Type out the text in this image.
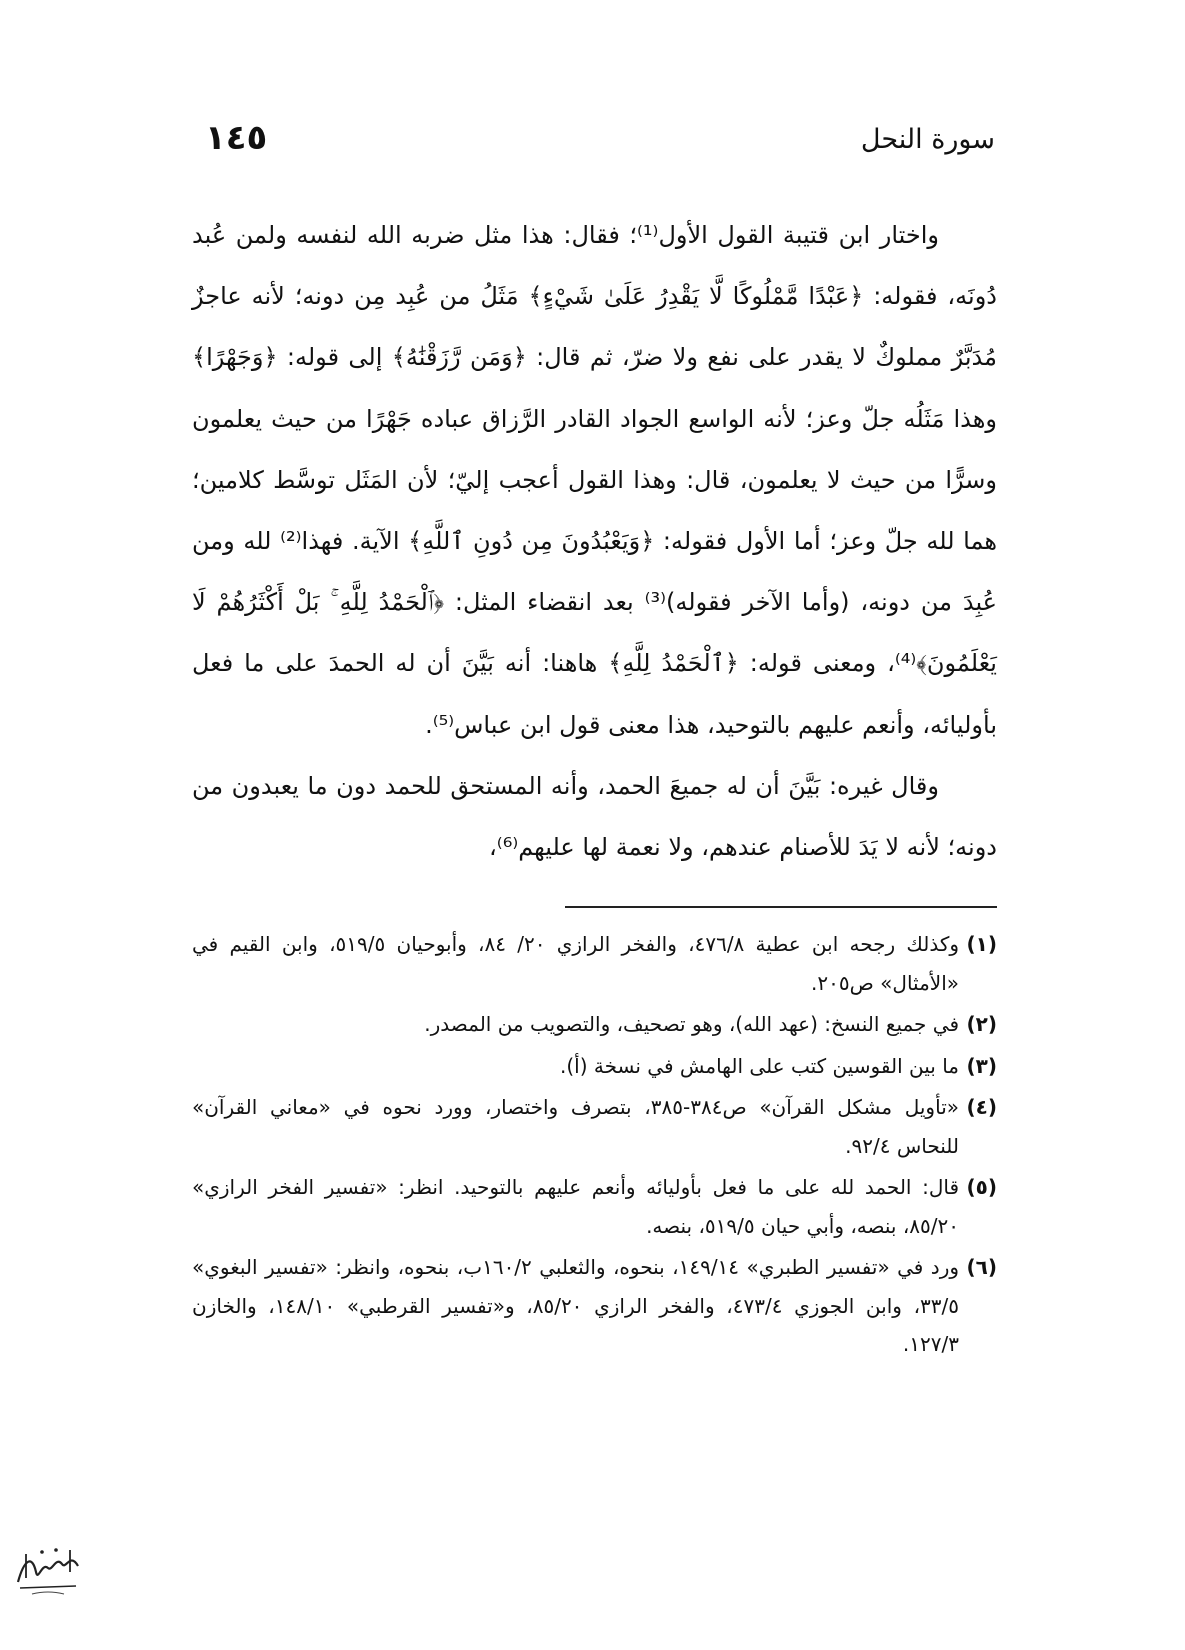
سورة النحل
١٤٥

واختار ابن قتيبة القول الأول⁽¹⁾؛ فقال: هذا مثل ضربه الله لنفسه ولمن عُبد دُونَه، فقوله: ﴿عَبْدًا مَّمْلُوكًا لَّا يَقْدِرُ عَلَىٰ شَيْءٍ﴾ مَثَلُ من عُبِد مِن دونه؛ لأنه عاجزٌ مُدَبَّرٌ مملوكٌ لا يقدر على نفع ولا ضرّ، ثم قال: ﴿وَمَن رَّزَقْنَٰهُ﴾ إلى قوله: ﴿وَجَهْرًا﴾ وهذا مَثَلُه جلّ وعز؛ لأنه الواسع الجواد القادر الرَّزاق عباده جَهْرًا من حيث يعلمون وسرًّا من حيث لا يعلمون، قال: وهذا القول أعجب إليّ؛ لأن المَثَل توسَّط كلامين؛ هما لله جلّ وعز؛ أما الأول فقوله: ﴿وَيَعْبُدُونَ مِن دُونِ ٱللَّهِ﴾ الآية. فهذا⁽²⁾ لله ومن عُبِدَ من دونه، (وأما الآخر فقوله)⁽³⁾ بعد انقضاء المثل: ﴿ٱلْحَمْدُ لِلَّهِ ۚ بَلْ أَكْثَرُهُمْ لَا يَعْلَمُونَ﴾⁽⁴⁾، ومعنى قوله: ﴿ٱلْحَمْدُ لِلَّهِ﴾ هاهنا: أنه بَيَّنَ أن له الحمدَ على ما فعل بأوليائه، وأنعم عليهم بالتوحيد، هذا معنى قول ابن عباس⁽⁵⁾.

وقال غيره: بَيَّنَ أن له جميعَ الحمد، وأنه المستحق للحمد دون ما يعبدون من دونه؛ لأنه لا يَدَ للأصنام عندهم، ولا نعمة لها عليهم⁽⁶⁾،

(١)
وكذلك رجحه ابن عطية ٤٧٦/٨، والفخر الرازي ٢٠/ ٨٤، وأبوحيان ٥١٩/٥، وابن القيم في «الأمثال» ص٢٠٥.
(٢)
في جميع النسخ: (عهد الله)، وهو تصحيف، والتصويب من المصدر.
(٣)
ما بين القوسين كتب على الهامش في نسخة (أ).
(٤)
«تأويل مشكل القرآن» ص٣٨٤-٣٨٥، بتصرف واختصار، وورد نحوه في «معاني القرآن» للنحاس ٩٢/٤.
(٥)
قال: الحمد لله على ما فعل بأوليائه وأنعم عليهم بالتوحيد. انظر: «تفسير الفخر الرازي» ٨٥/٢٠، بنصه، وأبي حيان ٥١٩/٥، بنصه.
(٦)
ورد في «تفسير الطبري» ١٤٩/١٤، بنحوه، والثعلبي ١٦٠/٢ب، بنحوه، وانظر: «تفسير البغوي» ٣٣/٥، وابن الجوزي ٤٧٣/٤، والفخر الرازي ٨٥/٢٠، و«تفسير القرطبي» ١٤٨/١٠، والخازن ١٢٧/٣.
